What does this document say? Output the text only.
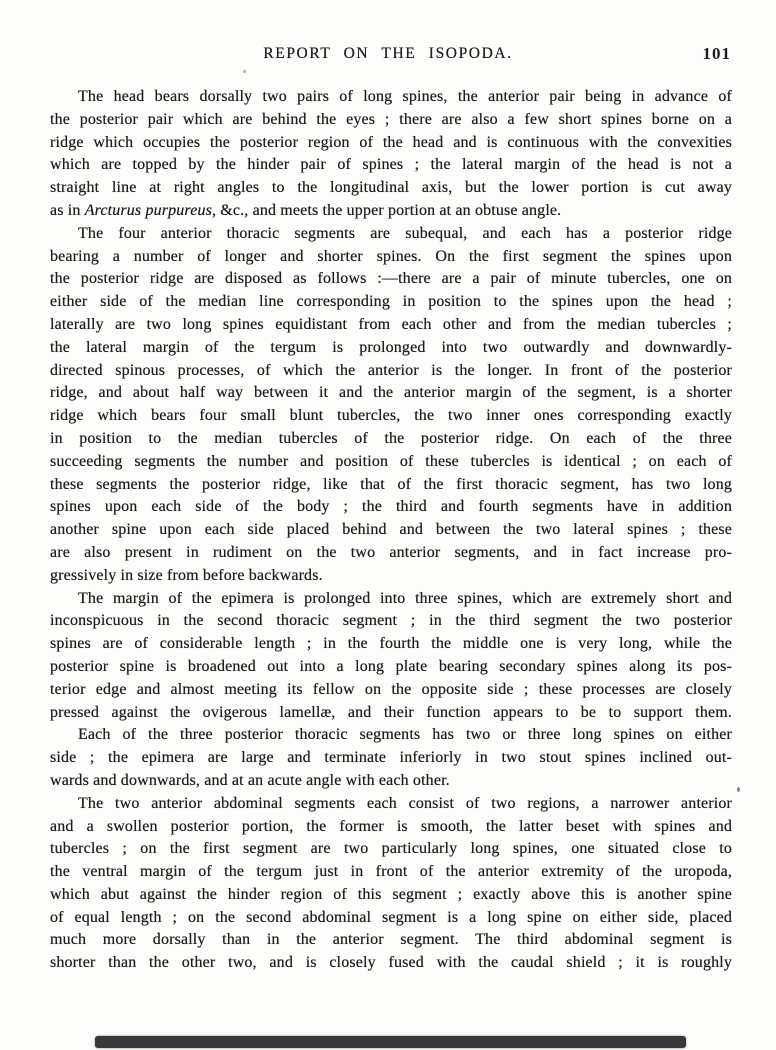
REPORT ON THE ISOPODA.	101
The head bears dorsally two pairs of long spines, the anterior pair being in advance of
the posterior pair which are behind the eyes ; there are also a few short spines borne on a
ridge which occupies the posterior region of the head and is continuous with the convexities
which are topped by the hinder pair of spines ; the lateral margin of the head is not a
straight line at right angles to the longitudinal axis, but the lower portion is cut away
as in Arcturus purpureus, &c., and meets the upper portion at an obtuse angle.
The four anterior thoracic segments are subequal, and each has a posterior ridge
bearing a number of longer and shorter spines. On the first segment the spines upon
the posterior ridge are disposed as follows :—there are a pair of minute tubercles, one on
either side of the median line corresponding in position to the spines upon the head ;
laterally are two long spines equidistant from each other and from the median tubercles ;
the lateral margin of the tergum is prolonged into two outwardly and downwardly-
directed spinous processes, of which the anterior is the longer. In front of the posterior
ridge, and about half way between it and the anterior margin of the segment, is a shorter
ridge which bears four small blunt tubercles, the two inner ones corresponding exactly
in position to the median tubercles of the posterior ridge. On each of the three
succeeding segments the number and position of these tubercles is identical ; on each of
these segments the posterior ridge, like that of the first thoracic segment, has two long
spines upon each side of the body ; the third and fourth segments have in addition
another spine upon each side placed behind and between the two lateral spines ; these
are also present in rudiment on the two anterior segments, and in fact increase pro-
gressively in size from before backwards.
The margin of the epimera is prolonged into three spines, which are extremely short and
inconspicuous in the second thoracic segment ; in the third segment the two posterior
spines are of considerable length ; in the fourth the middle one is very long, while the
posterior spine is broadened out into a long plate bearing secondary spines along its pos-
terior edge and almost meeting its fellow on the opposite side ; these processes are closely
pressed against the ovigerous lamellæ, and their function appears to be to support them.
Each of the three posterior thoracic segments has two or three long spines on either
side ; the epimera are large and terminate inferiorly in two stout spines inclined out-
wards and downwards, and at an acute angle with each other.
The two anterior abdominal segments each consist of two regions, a narrower anterior
and a swollen posterior portion, the former is smooth, the latter beset with spines and
tubercles ; on the first segment are two particularly long spines, one situated close to
the ventral margin of the tergum just in front of the anterior extremity of the uropoda,
which abut against the hinder region of this segment ; exactly above this is another spine
of equal length ; on the second abdominal segment is a long spine on either side, placed
much more dorsally than in the anterior segment. The third abdominal segment is
shorter than the other two, and is closely fused with the caudal shield ; it is roughly
